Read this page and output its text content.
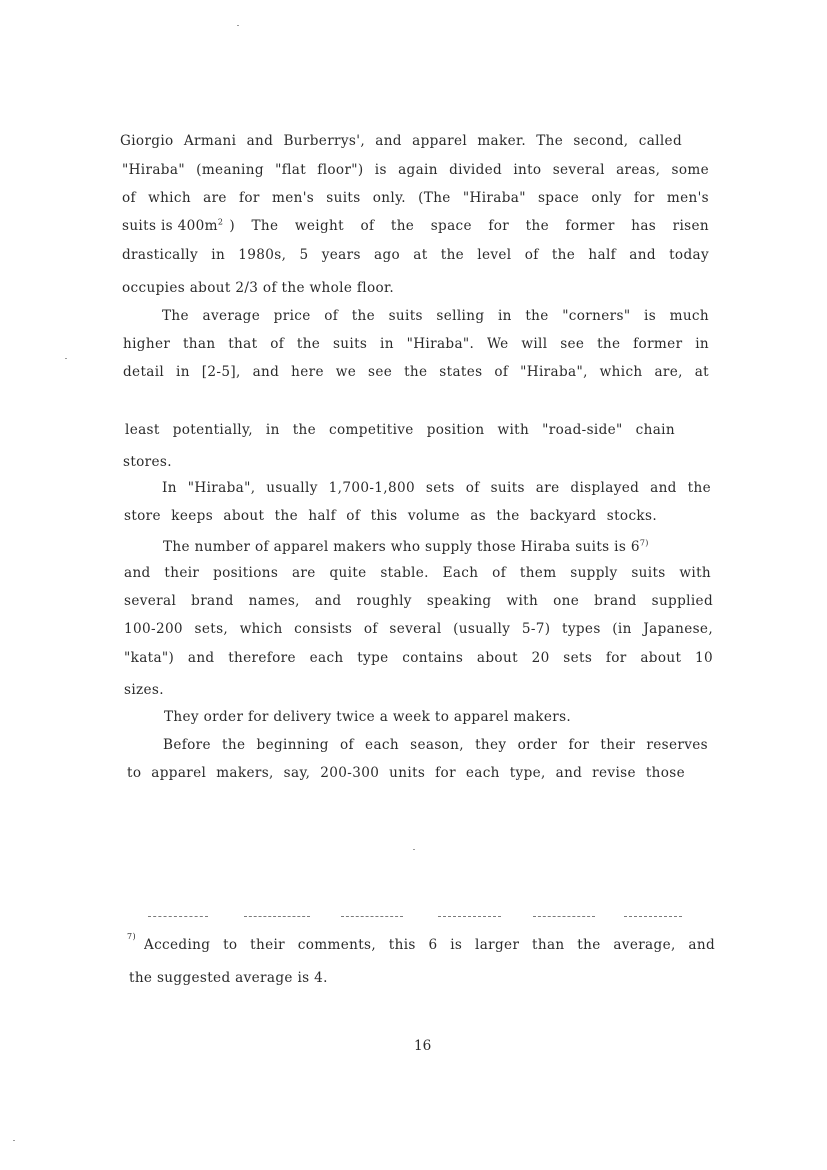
Giorgio Armani and Burberrys', and apparel maker. The second, called
"Hiraba" (meaning "flat floor") is again divided into several areas, some
of which are for men's suits only. (The "Hiraba" space only for men's
suits is $400m^2$ ) The weight of the space for the former has risen
drastically in 1980s, 5 years ago at the level of the half and today
occupies about 2/3 of the whole floor.
The average price of the suits selling in the "corners" is much
higher than that of the suits in "Hiraba". We will see the former in
detail in [2-5], and here we see the states of "Hiraba", which are, at
least potentially, in the competitive position with "road-side" chain
stores.
In "Hiraba", usually 1,700-1,800 sets of suits are displayed and the
store keeps about the half of this volume as the backyard stocks.
The number of apparel makers who supply those Hiraba suits is 6$^{7)}$
and their positions are quite stable. Each of them supply suits with
several brand names, and roughly speaking with one brand supplied
100-200 sets, which consists of several (usually 5-7) types (in Japanese,
"kata") and therefore each type contains about 20 sets for about 10
sizes.
They order for delivery twice a week to apparel makers.
Before the beginning of each season, they order for their reserves
to apparel makers, say, 200-300 units for each type, and revise those
7)
Acceding to their comments, this 6 is larger than the average, and
the suggested average is 4.
16
